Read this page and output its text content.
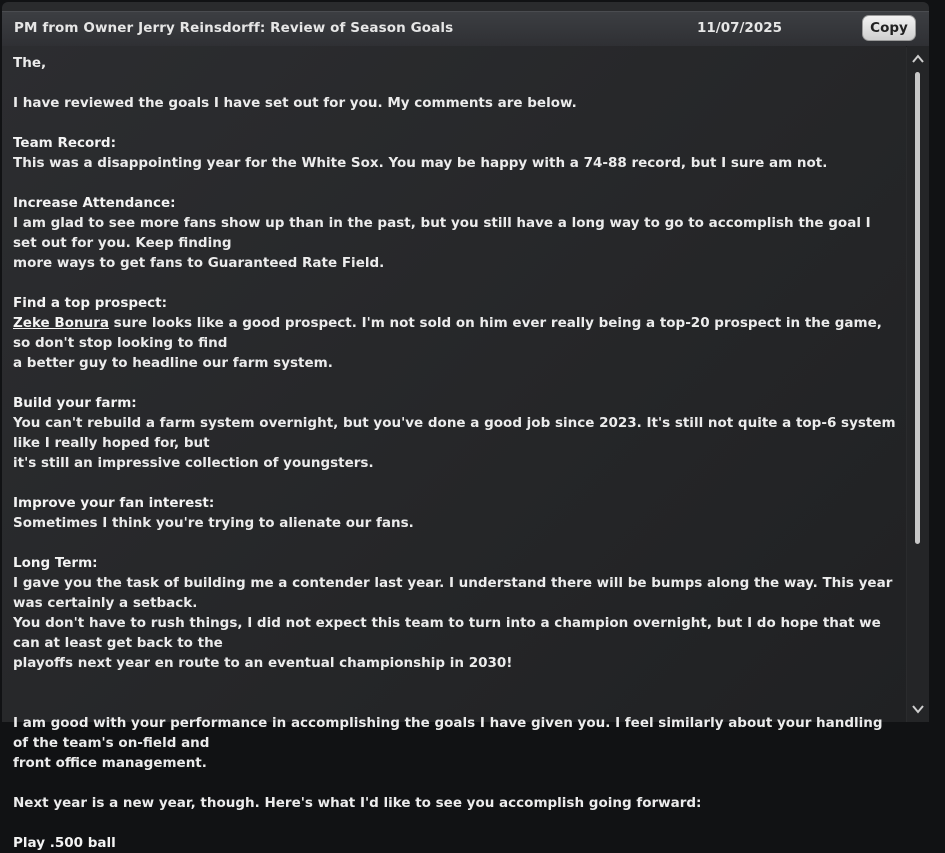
PM from Owner Jerry Reinsdorff: Review of Season Goals	11/07/2025	Copy

The,

I have reviewed the goals I have set out for you. My comments are below.

Team Record:

This was a disappointing year for the White Sox. You may be happy with a 74-88 record, but I sure am not.

Increase Attendance:

I am glad to see more fans show up than in the past, but you still have a long way to go to accomplish the goal I set out for you. Keep finding

more ways to get fans to Guaranteed Rate Field.

Find a top prospect:

Zeke Bonura sure looks like a good prospect. I'm not sold on him ever really being a top-20 prospect in the game, so don't stop looking to find

a better guy to headline our farm system.

Build your farm:

You can't rebuild a farm system overnight, but you've done a good job since 2023. It's still not quite a top-6 system like I really hoped for, but

it's still an impressive collection of youngsters.

Improve your fan interest:

Sometimes I think you're trying to alienate our fans.

Long Term:

I gave you the task of building me a contender last year. I understand there will be bumps along the way. This year was certainly a setback.

You don't have to rush things, I did not expect this team to turn into a champion overnight, but I do hope that we can at least get back to the

playoffs next year en route to an eventual championship in 2030!

I am good with your performance in accomplishing the goals I have given you. I feel similarly about your handling of the team's on-field and

front office management.

Next year is a new year, though. Here's what I'd like to see you accomplish going forward:

Play .500 ball
